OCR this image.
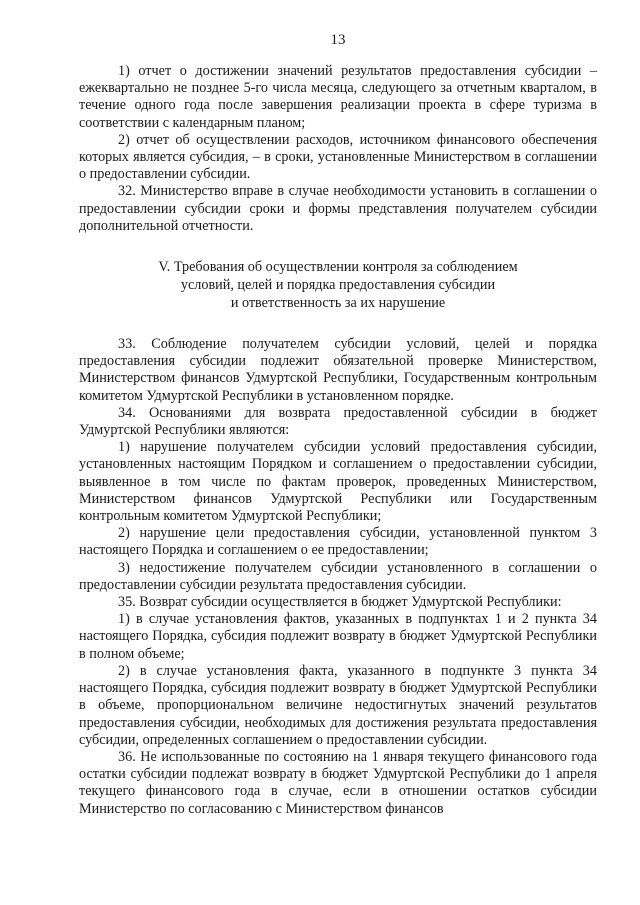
13

1) отчет о достижении значений результатов предоставления субсидии – ежеквартально не позднее 5-го числа месяца, следующего за отчетным кварталом, в течение одного года после завершения реализации проекта в сфере туризма в соответствии с календарным планом;

2) отчет об осуществлении расходов, источником финансового обеспечения которых является субсидия, – в сроки, установленные Министерством в соглашении о предоставлении субсидии.

32. Министерство вправе в случае необходимости установить в соглашении о предоставлении субсидии сроки и формы представления получателем субсидии дополнительной отчетности.

V. Требования об осуществлении контроля за соблюдением
условий, целей и порядка предоставления субсидии
и ответственность за их нарушение

33. Соблюдение получателем субсидии условий, целей и порядка предоставления субсидии подлежит обязательной проверке Министерством, Министерством финансов Удмуртской Республики, Государственным контрольным комитетом Удмуртской Республики в установленном порядке.

34. Основаниями для возврата предоставленной субсидии в бюджет Удмуртской Республики являются:

1) нарушение получателем субсидии условий предоставления субсидии, установленных настоящим Порядком и соглашением о предоставлении субсидии, выявленное в том числе по фактам проверок, проведенных Министерством, Министерством финансов Удмуртской Республики или Государственным контрольным комитетом Удмуртской Республики;

2) нарушение цели предоставления субсидии, установленной пунктом 3 настоящего Порядка и соглашением о ее предоставлении;

3) недостижение получателем субсидии установленного в соглашении о предоставлении субсидии результата предоставления субсидии.

35. Возврат субсидии осуществляется в бюджет Удмуртской Республики:

1) в случае установления фактов, указанных в подпунктах 1 и 2 пункта 34 настоящего Порядка, субсидия подлежит возврату в бюджет Удмуртской Республики в полном объеме;

2) в случае установления факта, указанного в подпункте 3 пункта 34 настоящего Порядка, субсидия подлежит возврату в бюджет Удмуртской Республики в объеме, пропорциональном величине недостигнутых значений результатов предоставления субсидии, необходимых для достижения результата предоставления субсидии, определенных соглашением о предоставлении субсидии.

36. Не использованные по состоянию на 1 января текущего финансового года остатки субсидии подлежат возврату в бюджет Удмуртской Республики до 1 апреля текущего финансового года в случае, если в отношении остатков субсидии Министерство по согласованию с Министерством финансов
